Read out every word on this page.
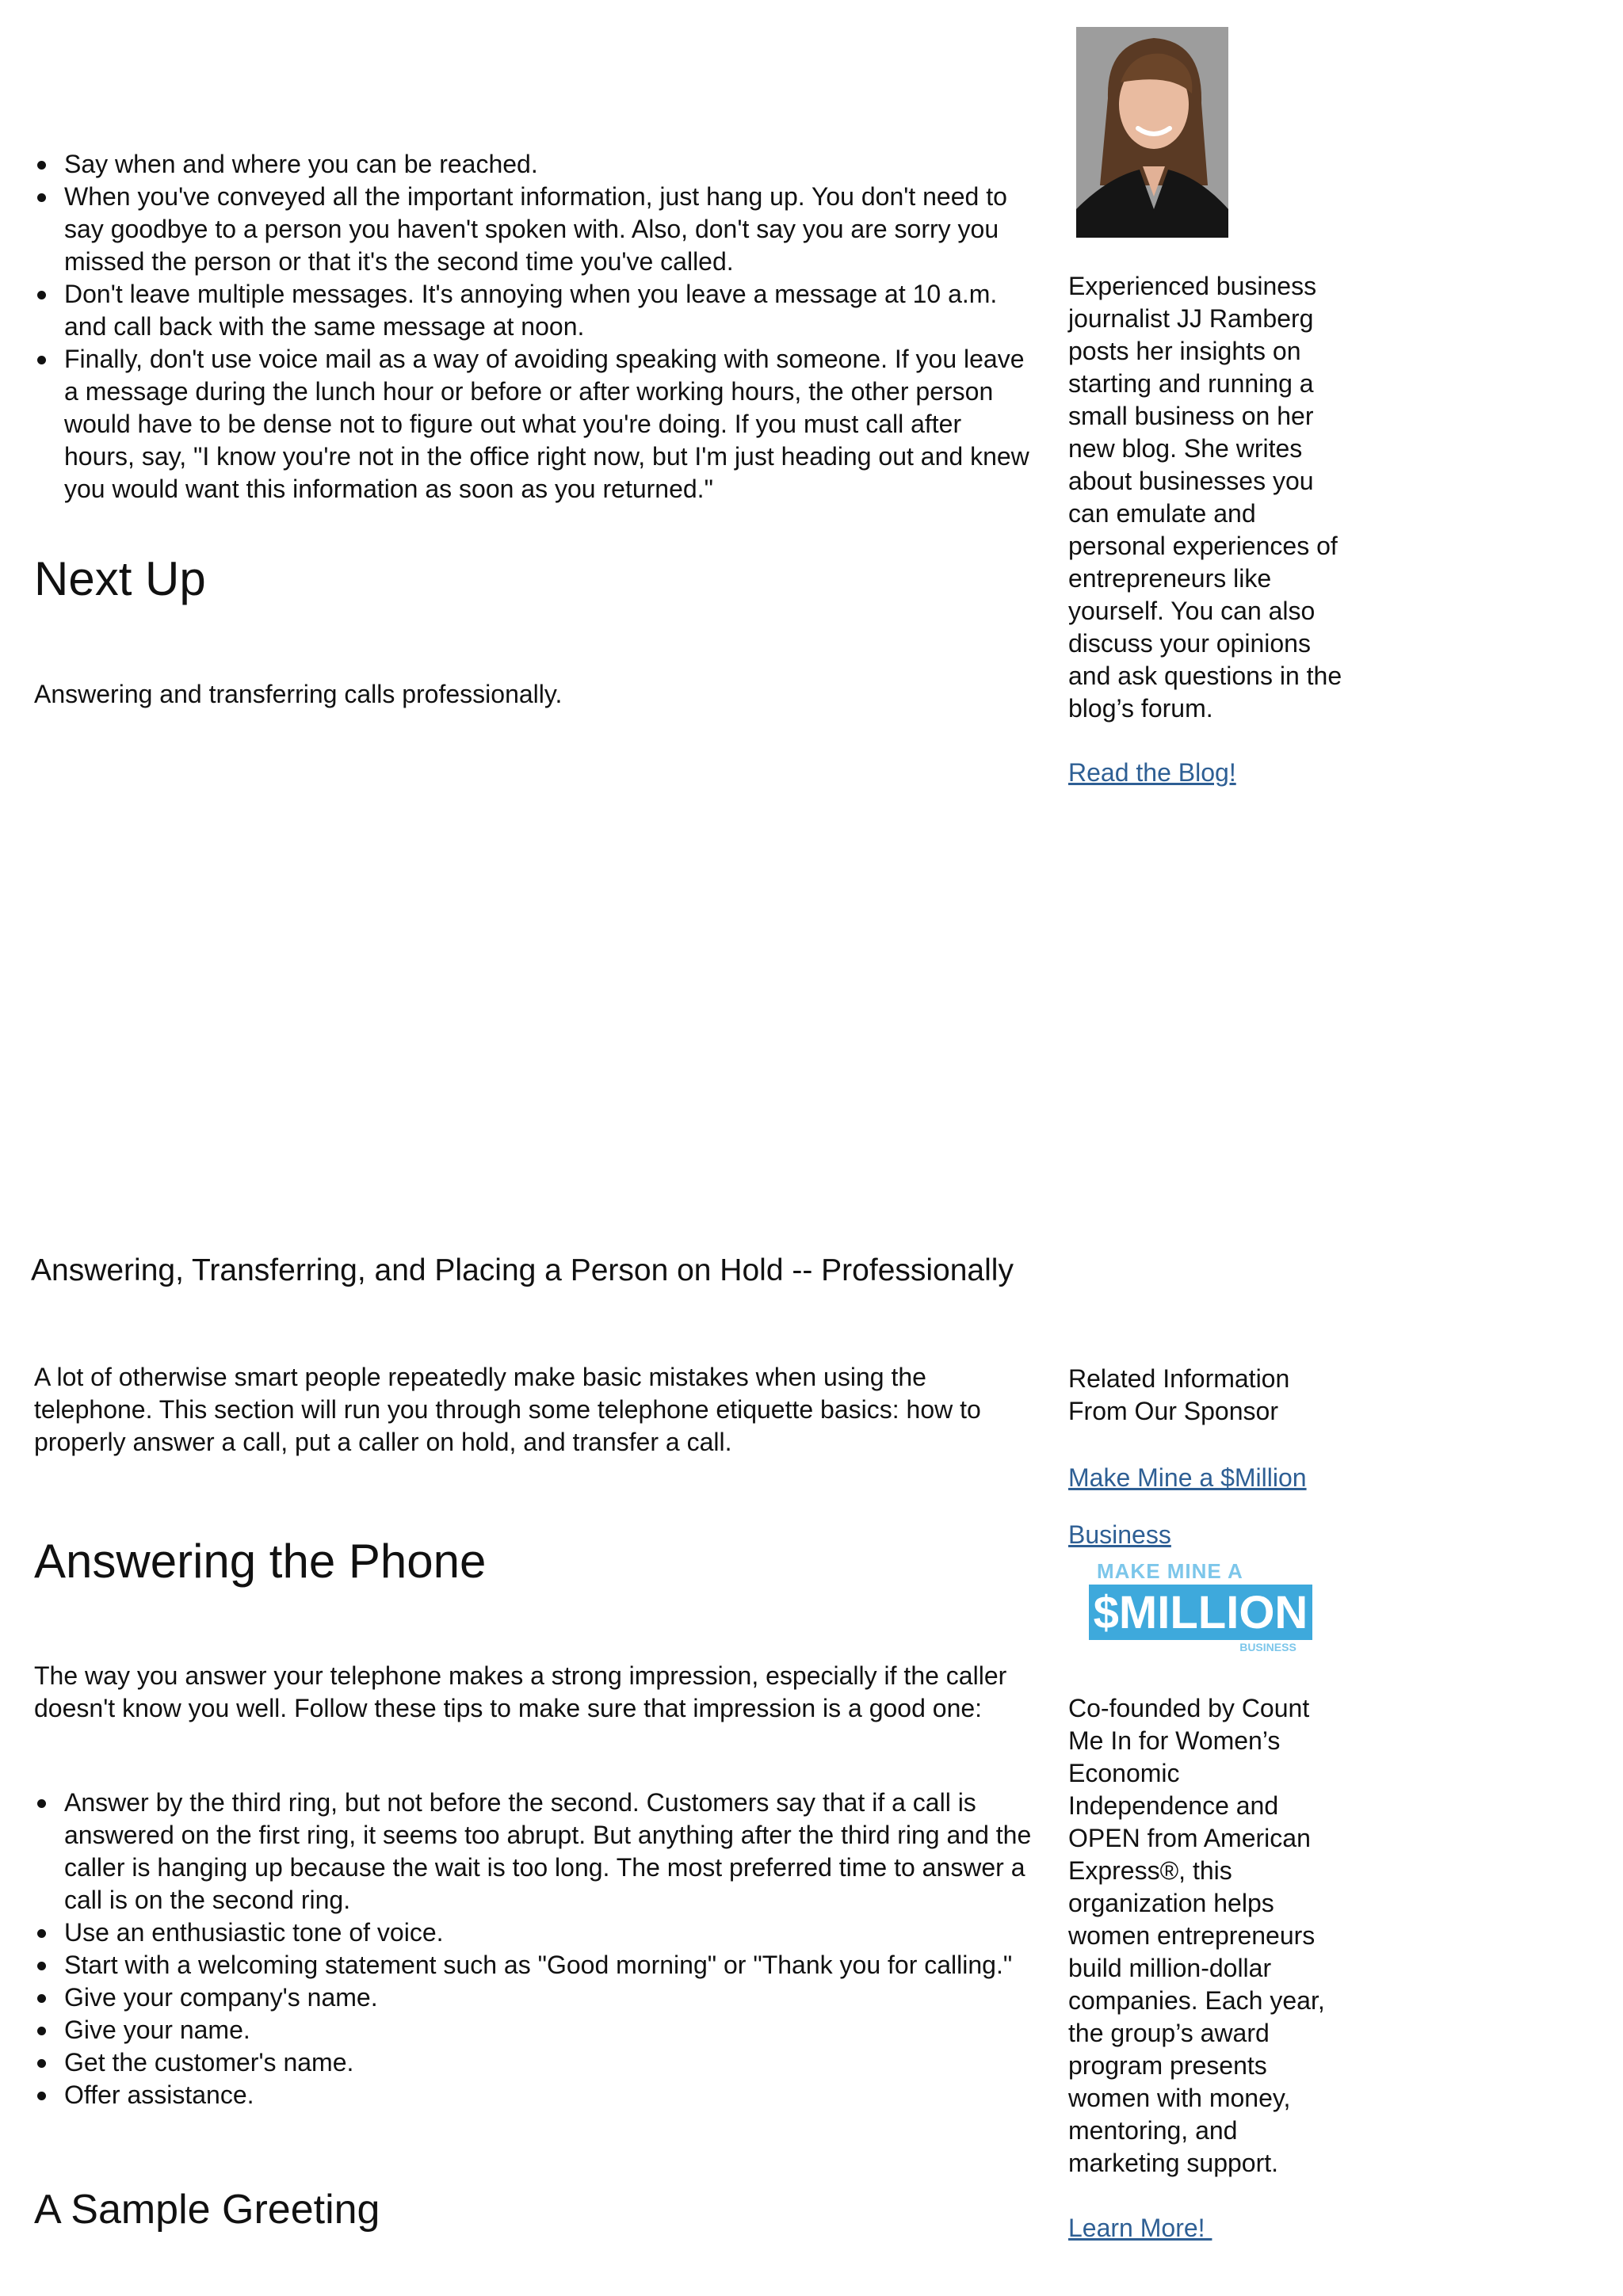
Say when and where you can be reached.
When you've conveyed all the important information, just hang up. You don't need to say goodbye to a person you haven't spoken with. Also, don't say you are sorry you missed the person or that it's the second time you've called.
Don't leave multiple messages. It's annoying when you leave a message at 10 a.m. and call back with the same message at noon.
Finally, don't use voice mail as a way of avoiding speaking with someone. If you leave a message during the lunch hour or before or after working hours, the other person would have to be dense not to figure out what you're doing. If you must call after hours, say, "I know you're not in the office right now, but I'm just heading out and knew you would want this information as soon as you returned."
Next Up
Answering and transferring calls professionally.
Experienced business journalist JJ Ramberg posts her insights on starting and running a small business on her new blog. She writes about businesses you can emulate and personal experiences of entrepreneurs like yourself. You can also discuss your opinions and ask questions in the blog’s forum.
Read the Blog!
Answering, Transferring, and Placing a Person on Hold -- Professionally
A lot of otherwise smart people repeatedly make basic mistakes when using the telephone. This section will run you through some telephone etiquette basics: how to properly answer a call, put a caller on hold, and transfer a call.
Answering the Phone
The way you answer your telephone makes a strong impression, especially if the caller doesn't know you well. Follow these tips to make sure that impression is a good one:
Answer by the third ring, but not before the second. Customers say that if a call is answered on the first ring, it seems too abrupt. But anything after the third ring and the caller is hanging up because the wait is too long. The most preferred time to answer a call is on the second ring.
Use an enthusiastic tone of voice.
Start with a welcoming statement such as "Good morning" or "Thank you for calling."
Give your company's name.
Give your name.
Get the customer's name.
Offer assistance.
A Sample Greeting
Related Information From Our Sponsor
Make Mine a $Million
Business
MAKE MINE A
$MILLION
BUSINESS
Co-founded by Count Me In for Women’s Economic Independence and OPEN from American Express®, this organization helps women entrepreneurs build million-dollar companies. Each year, the group’s award program presents women with money, mentoring, and marketing support.
Learn More!
